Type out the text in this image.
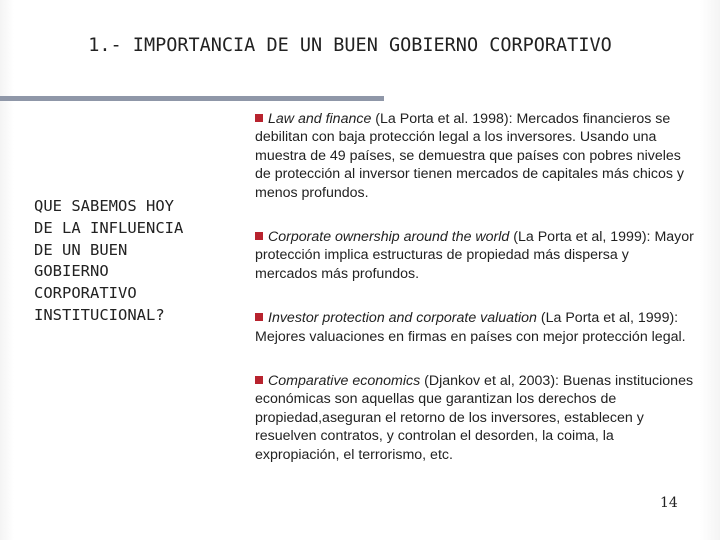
1.- IMPORTANCIA DE UN BUEN GOBIERNO CORPORATIVO
QUE SABEMOS HOY
DE LA INFLUENCIA
DE UN BUEN
GOBIERNO
CORPORATIVO
INSTITUCIONAL?
Law and finance (La Porta et al. 1998): Mercados financieros se debilitan con baja protección legal a los inversores. Usando una muestra de 49 países, se demuestra que países con pobres niveles de protección al inversor tienen mercados de capitales más chicos y menos profundos.
Corporate ownership around the world (La Porta et al, 1999): Mayor protección implica estructuras de propiedad más dispersa y mercados más profundos.
Investor protection and corporate valuation (La Porta et al, 1999): Mejores valuaciones en firmas en países con mejor protección legal.
Comparative economics (Djankov et al, 2003): Buenas instituciones económicas son aquellas que garantizan los derechos de propiedad,aseguran el retorno de los inversores, establecen y resuelven contratos, y controlan el desorden, la coima, la expropiación, el terrorismo, etc.
14
